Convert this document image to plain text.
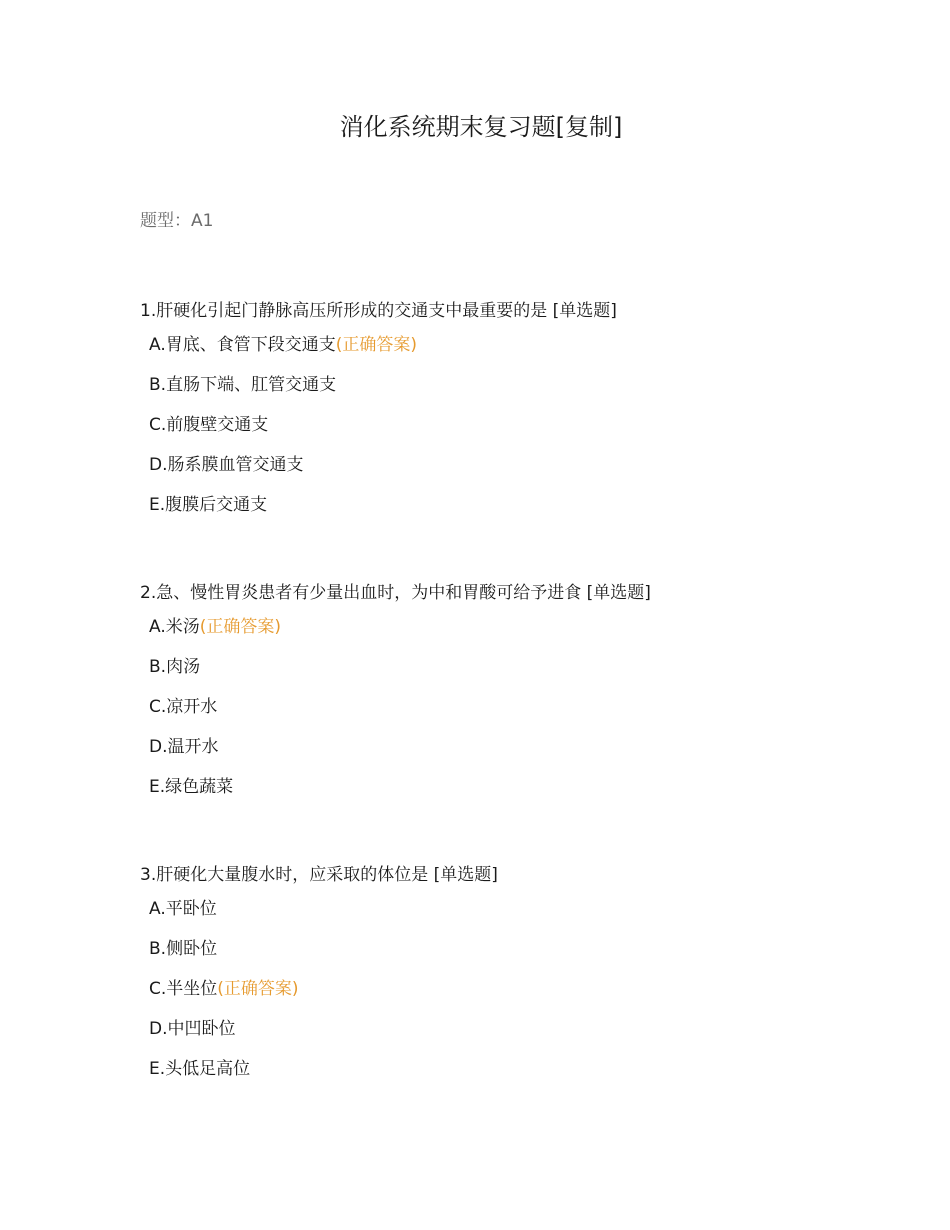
消化系统期末复习题[复制]
题型：A1
1.肝硬化引起门静脉高压所形成的交通支中最重要的是 [单选题]
A.胃底、食管下段交通支(正确答案)
B.直肠下端、肛管交通支
C.前腹壁交通支
D.肠系膜血管交通支
E.腹膜后交通支
2.急、慢性胃炎患者有少量出血时，为中和胃酸可给予进食 [单选题]
A.米汤(正确答案)
B.肉汤
C.凉开水
D.温开水
E.绿色蔬菜
3.肝硬化大量腹水时，应采取的体位是 [单选题]
A.平卧位
B.侧卧位
C.半坐位(正确答案)
D.中凹卧位
E.头低足高位
